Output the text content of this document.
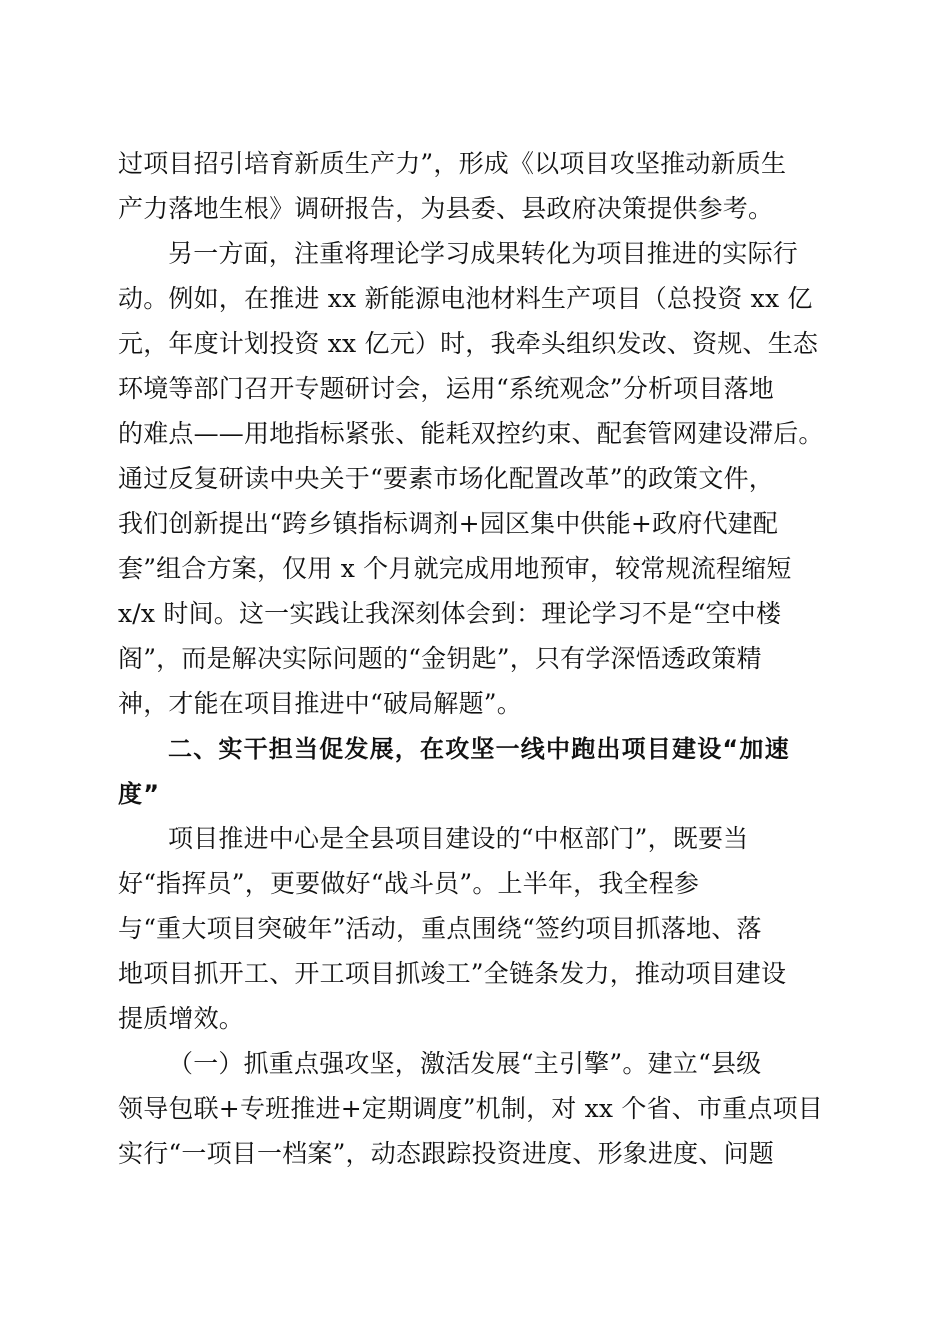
过项目招引培育新质生产力”，形成《以项目攻坚推动新质生
产力落地生根》调研报告，为县委、县政府决策提供参考。
另一方面，注重将理论学习成果转化为项目推进的实际行
动。例如，在推进 xx 新能源电池材料生产项目（总投资 xx 亿
元，年度计划投资 xx 亿元）时，我牵头组织发改、资规、生态
环境等部门召开专题研讨会，运用“系统观念”分析项目落地
的难点——用地指标紧张、能耗双控约束、配套管网建设滞后。
通过反复研读中央关于“要素市场化配置改革”的政策文件，
我们创新提出“跨乡镇指标调剂+园区集中供能+政府代建配
套”组合方案，仅用 x 个月就完成用地预审，较常规流程缩短
x/x 时间。这一实践让我深刻体会到：理论学习不是“空中楼
阁”，而是解决实际问题的“金钥匙”，只有学深悟透政策精
神，才能在项目推进中“破局解题”。
二、实干担当促发展，在攻坚一线中跑出项目建设“加速
度”
项目推进中心是全县项目建设的“中枢部门”，既要当
好“指挥员”，更要做好“战斗员”。上半年，我全程参
与“重大项目突破年”活动，重点围绕“签约项目抓落地、落
地项目抓开工、开工项目抓竣工”全链条发力，推动项目建设
提质增效。
（一）抓重点强攻坚，激活发展“主引擎”。建立“县级
领导包联+专班推进+定期调度”机制，对 xx 个省、市重点项目
实行“一项目一档案”，动态跟踪投资进度、形象进度、问题
